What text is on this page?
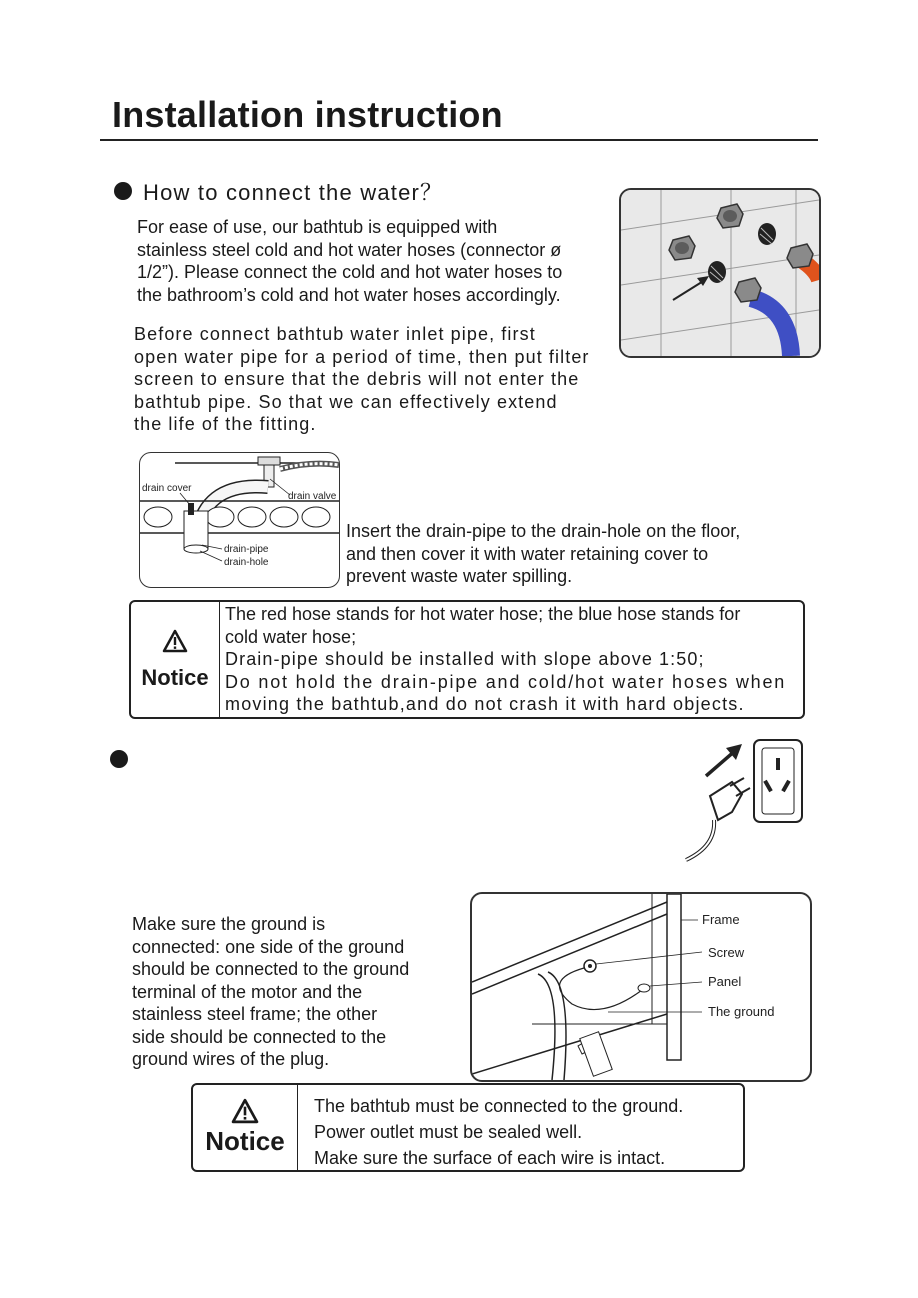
Installation instruction
How to connect the water？
For ease of use, our bathtub is equipped with
stainless steel cold and hot water hoses (connector ø
1/2”). Please connect the cold and hot water hoses to
the bathroom’s cold and hot water hoses accordingly.
Before connect bathtub water inlet pipe, first
open water pipe for a period of time, then put filter
screen to ensure that the debris will not enter the
bathtub pipe. So that we can effectively extend
the life of the fitting.
drain cover
drain valve
drain-pipe
drain-hole
Insert the drain-pipe to the drain-hole on the floor,
and then cover it with water retaining cover to
prevent waste water spilling.
Notice
The red hose stands for hot water hose; the blue hose stands for
cold water hose;
Drain-pipe should be installed with slope above 1:50;
Do not hold the drain-pipe and cold/hot water hoses when
moving the bathtub,and do not crash it with hard objects.
Make sure the ground is
connected: one side of the ground
should be connected to the ground
terminal of the motor and the
stainless steel frame; the other
side should be connected to the
ground wires of the plug.
Frame
Screw
Panel
The ground
Notice
The bathtub must be connected to the ground.
Power outlet must be sealed well.
Make sure the surface of each wire is intact.
